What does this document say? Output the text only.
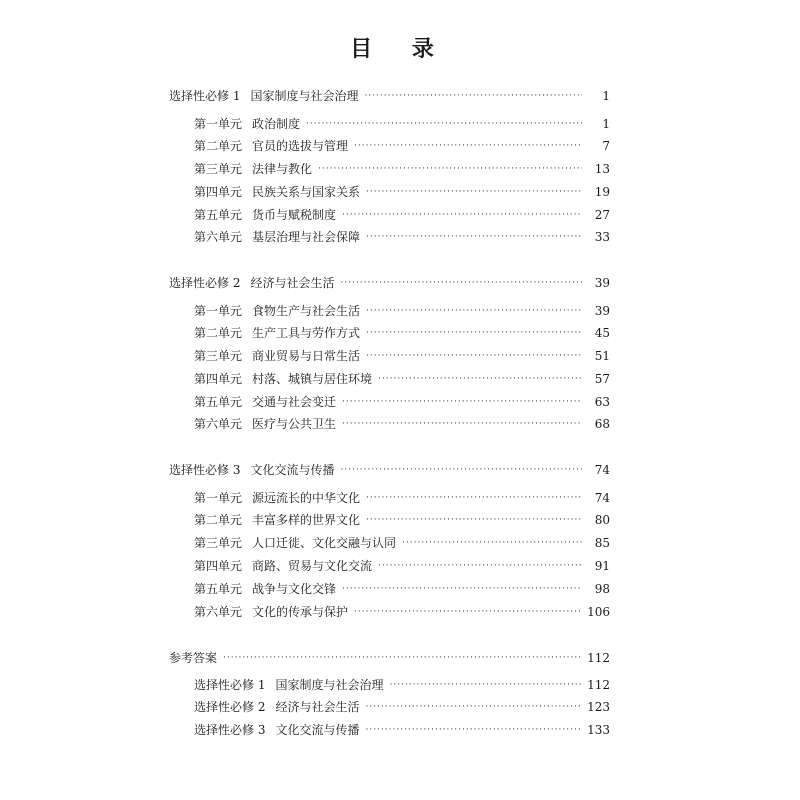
目 录
选择性必修 1 国家制度与社会治理 ·····	1
第一单元 政治制度 ·····	1
第二单元 官员的选拔与管理 ·····	7
第三单元 法律与教化 ·····	13
第四单元 民族关系与国家关系 ·····	19
第五单元 货币与赋税制度 ·····	27
第六单元 基层治理与社会保障 ·····	33
选择性必修 2 经济与社会生活 ·····	39
第一单元 食物生产与社会生活 ·····	39
第二单元 生产工具与劳作方式 ·····	45
第三单元 商业贸易与日常生活 ·····	51
第四单元 村落、城镇与居住环境 ·····	57
第五单元 交通与社会变迁 ·····	63
第六单元 医疗与公共卫生 ·····	68
选择性必修 3 文化交流与传播 ·····	74
第一单元 源远流长的中华文化 ·····	74
第二单元 丰富多样的世界文化 ·····	80
第三单元 人口迁徙、文化交融与认同 ·····	85
第四单元 商路、贸易与文化交流 ·····	91
第五单元 战争与文化交锋 ·····	98
第六单元 文化的传承与保护 ·····	106
参考答案 ·····	112
选择性必修 1 国家制度与社会治理 ·····	112
选择性必修 2 经济与社会生活 ·····	123
选择性必修 3 文化交流与传播 ·····	133
